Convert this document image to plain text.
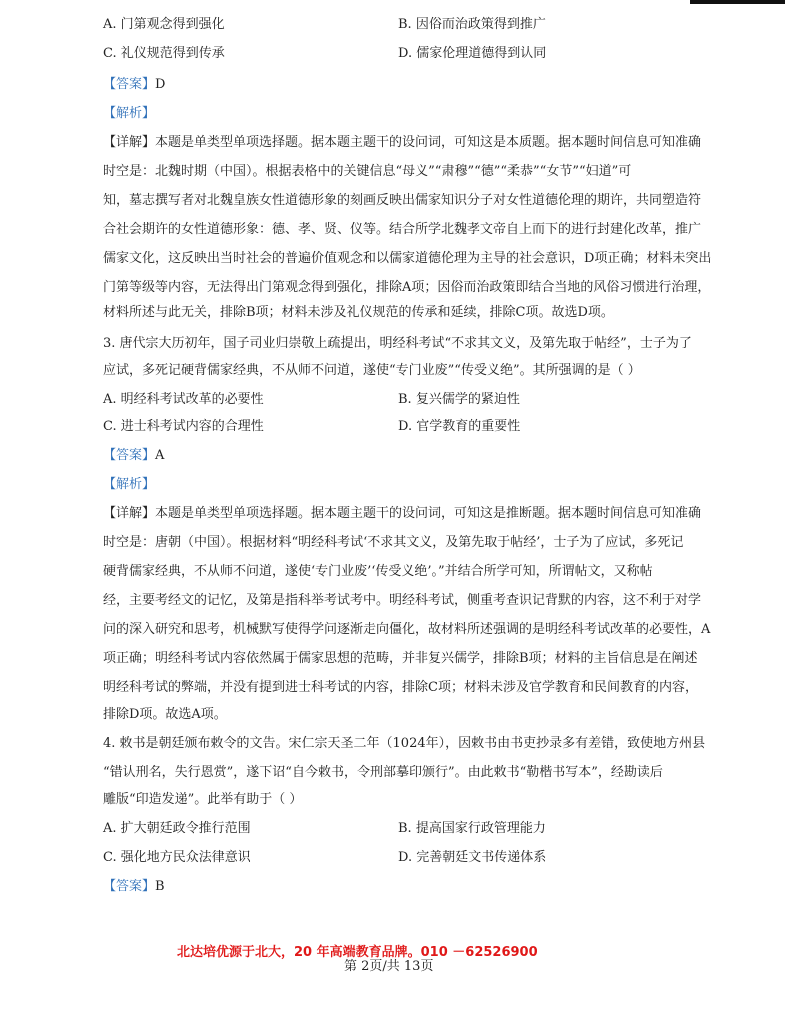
A. 门第观念得到强化	B. 因俗而治政策得到推广
C. 礼仪规范得到传承	D. 儒家伦理道德得到认同
【答案】D
【解析】
【详解】本题是单类型单项选择题。据本题主题干的设问词，可知这是本质题。据本题时间信息可知准确
时空是：北魏时期（中国）。根据表格中的关键信息“母义”“肃穆”“德”“柔恭”“女节”“妇道”可
知，墓志撰写者对北魏皇族女性道德形象的刻画反映出儒家知识分子对女性道德伦理的期许，共同塑造符
合社会期许的女性道德形象：德、孝、贤、仪等。结合所学北魏孝文帝自上而下的进行封建化改革，推广
儒家文化，这反映出当时社会的普遍价值观念和以儒家道德伦理为主导的社会意识，D项正确；材料未突出
门第等级等内容，无法得出门第观念得到强化，排除A项；因俗而治政策即结合当地的风俗习惯进行治理，
材料所述与此无关，排除B项；材料未涉及礼仪规范的传承和延续，排除C项。故选D项。
3. 唐代宗大历初年，国子司业归崇敬上疏提出，明经科考试“不求其文义，及第先取于帖经”，士子为了
应试，多死记硬背儒家经典，不从师不问道，遂使“专门业废”“传受义绝”。其所强调的是（ ）
A. 明经科考试改革的必要性	B. 复兴儒学的紧迫性
C. 进士科考试内容的合理性	D. 官学教育的重要性
【答案】A
【解析】
【详解】本题是单类型单项选择题。据本题主题干的设问词，可知这是推断题。据本题时间信息可知准确
时空是：唐朝（中国）。根据材料“明经科考试‘不求其文义，及第先取于帖经’，士子为了应试，多死记
硬背儒家经典，不从师不问道，遂使‘专门业废’‘传受义绝’。”并结合所学可知，所谓帖文，又称帖
经，主要考经文的记忆，及第是指科举考试考中。明经科考试，侧重考查识记背默的内容，这不利于对学
问的深入研究和思考，机械默写使得学问逐渐走向僵化，故材料所述强调的是明经科考试改革的必要性，A
项正确；明经科考试内容依然属于儒家思想的范畴，并非复兴儒学，排除B项；材料的主旨信息是在阐述
明经科考试的弊端，并没有提到进士科考试的内容，排除C项；材料未涉及官学教育和民间教育的内容，
排除D项。故选A项。
4. 敕书是朝廷颁布敕令的文告。宋仁宗天圣二年（1024年），因敕书由书吏抄录多有差错，致使地方州县
“错认刑名，失行恩赏”，遂下诏“自今敕书，令刑部摹印颁行”。由此敕书“勒楷书写本”，经勘读后
雕版“印造发递”。此举有助于（ ）
A. 扩大朝廷政令推行范围	B. 提高国家行政管理能力
C. 强化地方民众法律意识	D. 完善朝廷文书传递体系
【答案】B
北达培优源于北大，20 年高端教育品牌。010 －62526900
第 2页/共 13页
